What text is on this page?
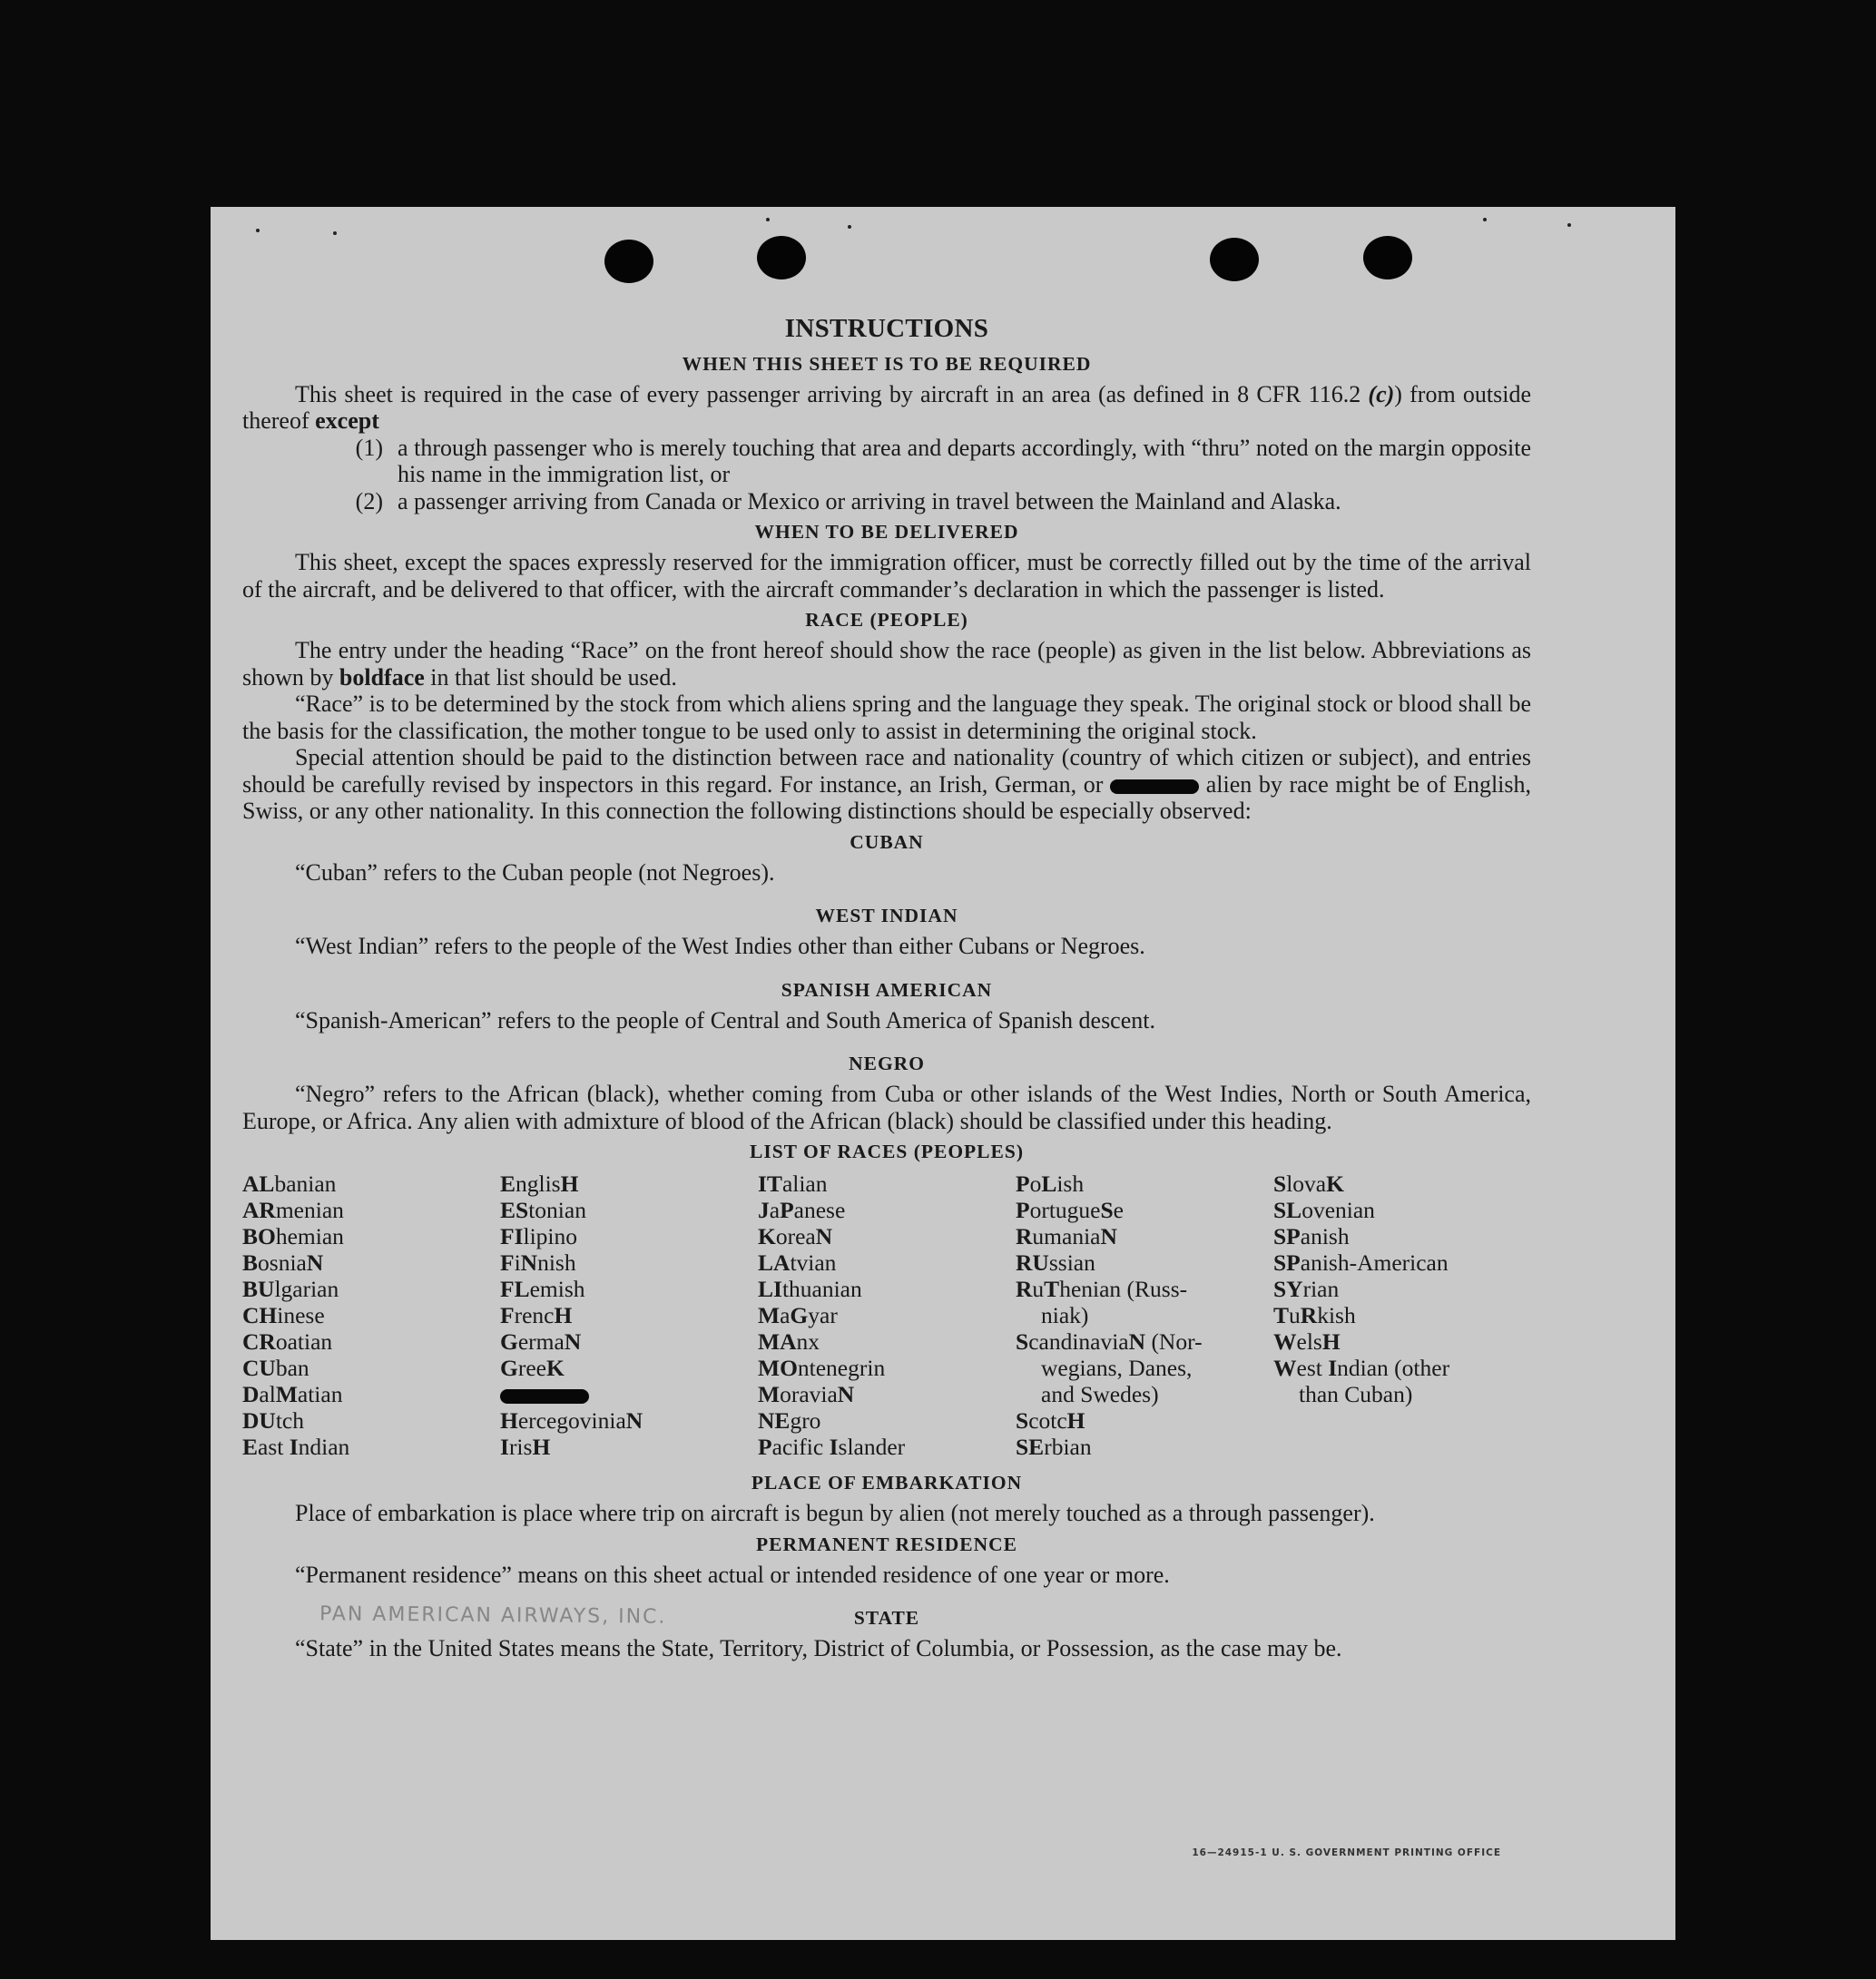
INSTRUCTIONS
WHEN THIS SHEET IS TO BE REQUIRED

This sheet is required in the case of every passenger arriving by aircraft in an area (as defined in 8 CFR 116.2 (c)) from outside thereof except

(1) a through passenger who is merely touching that area and departs accordingly, with “thru” noted on the margin opposite his name in the immigration list, or
(2) a passenger arriving from Canada or Mexico or arriving in travel between the Mainland and Alaska.
WHEN TO BE DELIVERED

This sheet, except the spaces expressly reserved for the immigration officer, must be correctly filled out by the time of the arrival of the aircraft, and be delivered to that officer, with the aircraft commander’s declaration in which the passenger is listed.

RACE (PEOPLE)

The entry under the heading “Race” on the front hereof should show the race (people) as given in the list below. Abbreviations as shown by boldface in that list should be used.

“Race” is to be determined by the stock from which aliens spring and the language they speak. The original stock or blood shall be the basis for the classification, the mother tongue to be used only to assist in determining the original stock.

Special attention should be paid to the distinction between race and nationality (country of which citizen or subject), and entries should be carefully revised by inspectors in this regard. For instance, an Irish, German, or	alien by race might be of English, Swiss, or any other nationality. In this connection the following distinctions should be especially observed:

CUBAN

“Cuban” refers to the Cuban people (not Negroes).

WEST INDIAN

“West Indian” refers to the people of the West Indies other than either Cubans or Negroes.

SPANISH AMERICAN

“Spanish-American” refers to the people of Central and South America of Spanish descent.

NEGRO

“Negro” refers to the African (black), whether coming from Cuba or other islands of the West Indies, North or South America, Europe, or Africa. Any alien with admixture of blood of the African (black) should be classified under this heading.

LIST OF RACES (PEOPLES)
ALbanian
ARmenian
BOhemian
BosniaN
BUlgarian
CHinese
CRoatian
CUban
DalMatian
DUtch
East Indian
EnglisH
EStonian
FIlipino
FiNnish
FLemish
FrencH
GermaN
GreeK
HercegoviniaN
IrisH
ITalian
JaPanese
KoreaN
LAtvian
LIthuanian
MaGyar
MAnx
MOntenegrin
MoraviaN
NEgro
Pacific Islander
PoLish
PortugueSe
RumaniaN
RUssian
RuThenian (Russ-
niak)
ScandinaviaN (Nor-
wegians, Danes,
and Swedes)
ScotcH
SErbian
SlovaK
SLovenian
SPanish
SPanish-American
SYrian
TuRkish
WelsH
West Indian (other
than Cuban)
PLACE OF EMBARKATION

Place of embarkation is place where trip on aircraft is begun by alien (not merely touched as a through passenger).

PERMANENT RESIDENCE

“Permanent residence” means on this sheet actual or intended residence of one year or more.

STATE

“State” in the United States means the State, Territory, District of Columbia, or Possession, as the case may be.

PAN AMERICAN AIRWAYS, INC.
16—24915-1 U. S. GOVERNMENT PRINTING OFFICE
